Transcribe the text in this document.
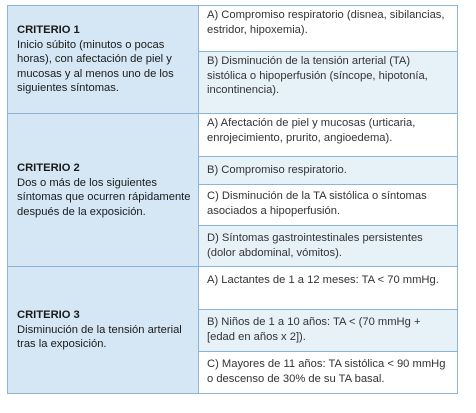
CRITERIO 1
Inicio súbito (minutos o pocas horas), con afectación de piel y mucosas y al menos uno de los siguientes síntomas.
A) Compromiso respiratorio (disnea, sibilancias, estridor, hipoxemia).
B) Disminución de la tensión arterial (TA) sistólica o hipoperfusión (síncope, hipotonía, incontinencia).
CRITERIO 2
Dos o más de los siguientes síntomas que ocurren rápidamente después de la exposición.
A) Afectación de piel y mucosas (urticaria, enrojecimiento, prurito, angioedema).
B) Compromiso respiratorio.
C) Disminución de la TA sistólica o síntomas asociados a hipoperfusión.
D) Síntomas gastrointestinales persistentes (dolor abdominal, vómitos).
CRITERIO 3
Disminución de la tensión arterial tras la exposición.
A) Lactantes de 1 a 12 meses: TA < 70 mmHg.
B) Niños de 1 a 10 años: TA < (70 mmHg + [edad en años x 2]).
C) Mayores de 11 años: TA sistólica < 90 mmHg o descenso de 30% de su TA basal.
